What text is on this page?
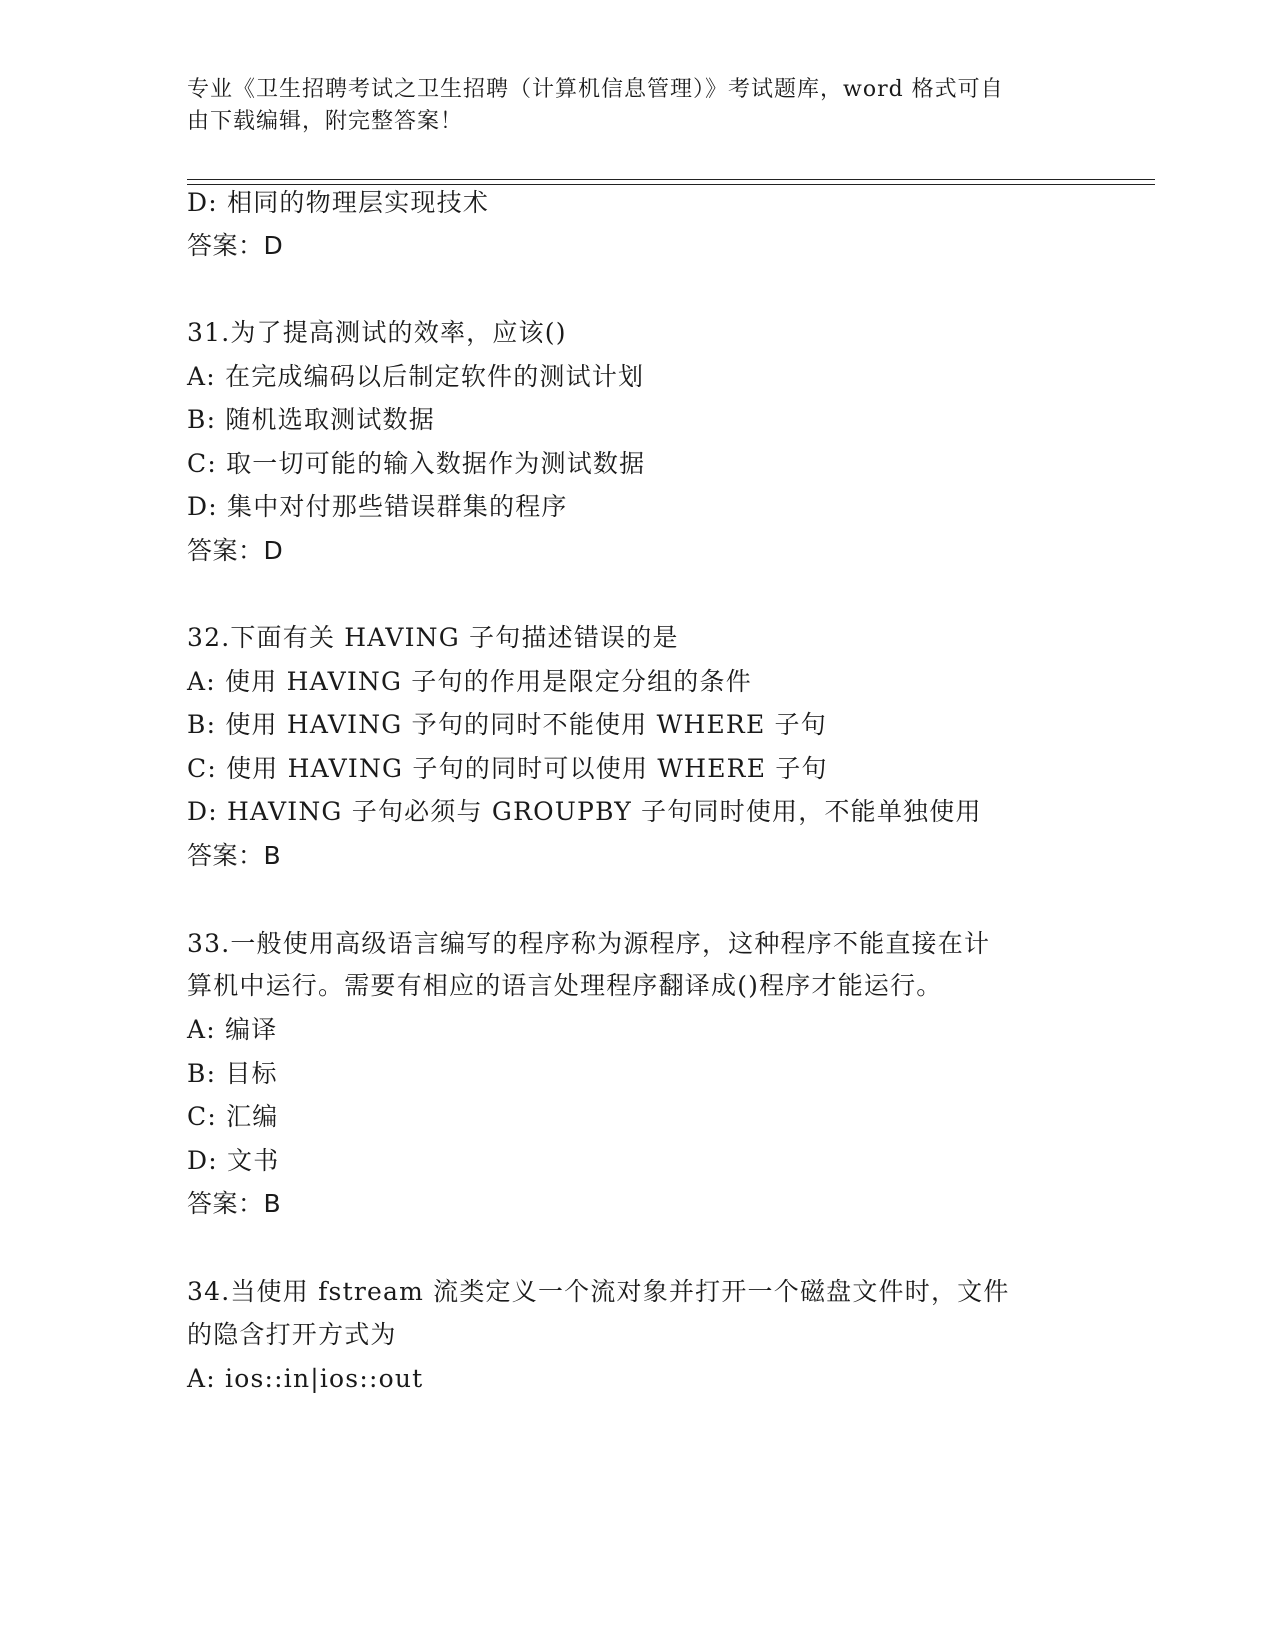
专业《卫生招聘考试之卫生招聘（计算机信息管理）》考试题库，word 格式可自
由下载编辑，附完整答案！
D: 相同的物理层实现技术
答案：D
31.为了提高测试的效率，应该()
A: 在完成编码以后制定软件的测试计划
B: 随机选取测试数据
C: 取一切可能的输入数据作为测试数据
D: 集中对付那些错误群集的程序
答案：D
32.下面有关 HAVING 子句描述错误的是
A: 使用 HAVING 子句的作用是限定分组的条件
B: 使用 HAVING 予句的同时不能使用 WHERE 子句
C: 使用 HAVING 子句的同时可以使用 WHERE 子句
D: HAVING 子句必须与 GROUPBY 子句同时使用，不能单独使用
答案：B
33.一般使用高级语言编写的程序称为源程序，这种程序不能直接在计
算机中运行。需要有相应的语言处理程序翻译成()程序才能运行。
A: 编译
B: 目标
C: 汇编
D: 文书
答案：B
34.当使用 fstream 流类定义一个流对象并打开一个磁盘文件时，文件
的隐含打开方式为
A: ios::in|ios::out
